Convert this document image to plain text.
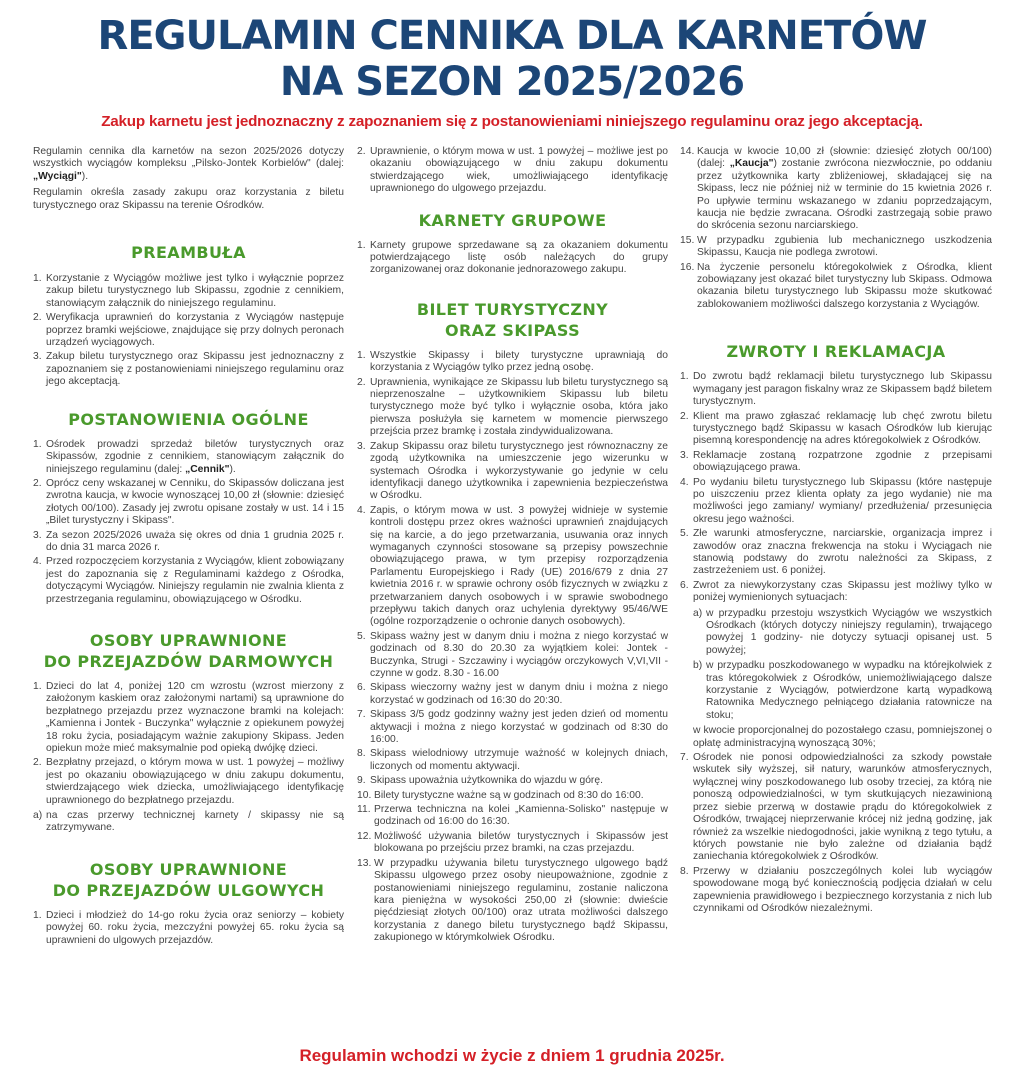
REGULAMIN CENNIKA DLA KARNETÓW
NA SEZON 2025/2026
Zakup karnetu jest jednoznaczny z zapoznaniem się z postanowieniami niniejszego regulaminu oraz jego akceptacją.

Regulamin cennika dla karnetów na sezon 2025/2026 dotyczy wszystkich wyciągów kompleksu „Pilsko-Jontek Korbielów" (dalej: „Wyciągi").

Regulamin określa zasady zakupu oraz korzystania z biletu turystycznego oraz Skipassu na terenie Ośrodków.

PREAMBUŁA
1. Korzystanie z Wyciągów możliwe jest tylko i wyłącznie poprzez zakup biletu turystycznego lub Skipassu, zgodnie z cennikiem, stanowiącym załącznik do niniejszego regulaminu.
2. Weryfikacja uprawnień do korzystania z Wyciągów następuje poprzez bramki wejściowe, znajdujące się przy dolnych peronach urządzeń wyciągowych.
3. Zakup biletu turystycznego oraz Skipassu jest jednoznaczny z zapoznaniem się z postanowieniami niniejszego regulaminu oraz jego akceptacją.
POSTANOWIENIA OGÓLNE
1. Ośrodek prowadzi sprzedaż biletów turystycznych oraz Skipassów, zgodnie z cennikiem, stanowiącym załącznik do niniejszego regulaminu (dalej: „Cennik").
2. Oprócz ceny wskazanej w Cenniku, do Skipassów doliczana jest zwrotna kaucja, w kwocie wynoszącej 10,00 zł (słownie: dziesięć złotych 00/100). Zasady jej zwrotu opisane zostały w ust. 14 i 15 „Bilet turystyczny i Skipass".
3. Za sezon 2025/2026 uważa się okres od dnia 1 grudnia 2025 r. do dnia 31 marca 2026 r.
4. Przed rozpoczęciem korzystania z Wyciągów, klient zobowiązany jest do zapoznania się z Regulaminami każdego z Ośrodka, dotyczącymi Wyciągów. Niniejszy regulamin nie zwalnia klienta z przestrzegania regulaminu, obowiązującego w Ośrodku.
OSOBY UPRAWNIONE
DO PRZEJAZDÓW DARMOWYCH
1. Dzieci do lat 4, poniżej 120 cm wzrostu (wzrost mierzony z założonym kaskiem oraz założonymi nartami) są uprawnione do bezpłatnego przejazdu przez wyznaczone bramki na kolejach: „Kamienna i Jontek - Buczynka" wyłącznie z opiekunem powyżej 18 roku życia, posiadającym ważnie zakupiony Skipass. Jeden opiekun może mieć maksymalnie pod opieką dwójkę dzieci.
2. Bezpłatny przejazd, o którym mowa w ust. 1 powyżej – możliwy jest po okazaniu obowiązującego w dniu zakupu dokumentu, stwierdzającego wiek dziecka, umożliwiającego identyfikację uprawnionego do bezpłatnego przejazdu.
a) na czas przerwy technicznej karnety / skipassy nie są zatrzymywane.
OSOBY UPRAWNIONE
DO PRZEJAZDÓW ULGOWYCH
1. Dzieci i młodzież do 14-go roku życia oraz seniorzy – kobiety powyżej 60. roku życia, mezczyźni powyżej 65. roku życia są uprawnieni do ulgowych przejazdów.
2. Uprawnienie, o którym mowa w ust. 1 powyżej – możliwe jest po okazaniu obowiązującego w dniu zakupu dokumentu stwierdzającego wiek, umożliwiającego identyfikację uprawnionego do ulgowego przejazdu.
KARNETY GRUPOWE
1. Karnety grupowe sprzedawane są za okazaniem dokumentu potwierdzającego listę osób należących do grupy zorganizowanej oraz dokonanie jednorazowego zakupu.
BILET TURYSTYCZNY
ORAZ SKIPASS
1. Wszystkie Skipassy i bilety turystyczne uprawniają do korzystania z Wyciągów tylko przez jedną osobę.
2. Uprawnienia, wynikające ze Skipassu lub biletu turystycznego są nieprzenoszalne – użytkownikiem Skipassu lub biletu turystycznego może być tylko i wyłącznie osoba, która jako pierwsza posłużyła się karnetem w momencie pierwszego przejścia przez bramkę i została zindywidualizowana.
3. Zakup Skipassu oraz biletu turystycznego jest równoznaczny ze zgodą użytkownika na umieszczenie jego wizerunku w systemach Ośrodka i wykorzystywanie go jedynie w celu identyfikacji danego użytkownika i zapewnienia bezpieczeństwa w Ośrodku.
4. Zapis, o którym mowa w ust. 3 powyżej widnieje w systemie kontroli dostępu przez okres ważności uprawnień znajdujących się na karcie, a do jego przetwarzania, usuwania oraz innych wymaganych czynności stosowane są przepisy powszechnie obowiązującego prawa, w tym przepisy rozporządzenia Parlamentu Europejskiego i Rady (UE) 2016/679 z dnia 27 kwietnia 2016 r. w sprawie ochrony osób fizycznych w związku z przetwarzaniem danych osobowych i w sprawie swobodnego przepływu takich danych oraz uchylenia dyrektywy 95/46/WE (ogólne rozporządzenie o ochronie danych osobowych).
5. Skipass ważny jest w danym dniu i można z niego korzystać w godzinach od 8.30 do 20.30 za wyjątkiem kolei: Jontek - Buczynka, Strugi - Szczawiny i wyciągów orczykowych V,VI,VII - czynne w godz. 8.30 - 16.00
6. Skipass wieczorny ważny jest w danym dniu i można z niego korzystać w godzinach od 16:30 do 20:30.
7. Skipass 3/5 godz godzinny ważny jest jeden dzień od momentu aktywacji i można z niego korzystać w godzinach od 8:30 do 16:00.
8. Skipass wielodniowy utrzymuje ważność w kolejnych dniach, liczonych od momentu aktywacji.
9. Skipass upoważnia użytkownika do wjazdu w górę.
10. Bilety turystyczne ważne są w godzinach od 8:30 do 16:00.
11. Przerwa techniczna na kolei „Kamienna-Solisko" następuje w godzinach od 16:00 do 16:30.
12. Możliwość używania biletów turystycznych i Skipassów jest blokowana po przejściu przez bramki, na czas przejazdu.
13. W przypadku używania biletu turystycznego ulgowego bądź Skipassu ulgowego przez osoby nieupoważnione, zgodnie z postanowieniami niniejszego regulaminu, zostanie naliczona kara pieniężna w wysokości 250,00 zł (słownie: dwieście pięćdziesiąt złotych 00/100) oraz utrata możliwości dalszego korzystania z danego biletu turystycznego bądź Skipassu, zakupionego w którymkolwiek Ośrodku.
14. Kaucja w kwocie 10,00 zł (słownie: dziesięć złotych 00/100) (dalej: „Kaucja") zostanie zwrócona niezwłocznie, po oddaniu przez użytkownika karty zbliżeniowej, składającej się na Skipass, lecz nie później niż w terminie do 15 kwietnia 2026 r. Po upływie terminu wskazanego w zdaniu poprzedzającym, kaucja nie będzie zwracana. Ośrodki zastrzegają sobie prawo do skrócenia sezonu narciarskiego.
15. W przypadku zgubienia lub mechanicznego uszkodzenia Skipassu, Kaucja nie podlega zwrotowi.
16. Na życzenie personelu któregokolwiek z Ośrodka, klient zobowiązany jest okazać bilet turystyczny lub Skipass. Odmowa okazania biletu turystycznego lub Skipassu może skutkować zablokowaniem możliwości dalszego korzystania z Wyciągów.
ZWROTY I REKLAMACJA
1. Do zwrotu bądź reklamacji biletu turystycznego lub Skipassu wymagany jest paragon fiskalny wraz ze Skipassem bądź biletem turystycznym.
2. Klient ma prawo zgłaszać reklamację lub chęć zwrotu biletu turystycznego bądź Skipassu w kasach Ośrodków lub kierując pisemną korespondencję na adres któregokolwiek z Ośrodków.
3. Reklamacje zostaną rozpatrzone zgodnie z przepisami obowiązującego prawa.
4. Po wydaniu biletu turystycznego lub Skipassu (które następuje po uiszczeniu przez klienta opłaty za jego wydanie) nie ma możliwości jego zamiany/ wymiany/ przedłużenia/ przesunięcia okresu jego ważności.
5. Złe warunki atmosferyczne, narciarskie, organizacja imprez i zawodów oraz znaczna frekwencja na stoku i Wyciągach nie stanowią podstawy do zwrotu należności za Skipass, z zastrzeżeniem ust. 6 poniżej.
6. Zwrot za niewykorzystany czas Skipassu jest możliwy tylko w poniżej wymienionych sytuacjach:
a) w przypadku przestoju wszystkich Wyciągów we wszystkich Ośrodkach (których dotyczy niniejszy regulamin), trwającego powyżej 1 godziny- nie dotyczy sytuacji opisanej ust. 5 powyżej;
b) w przypadku poszkodowanego w wypadku na którejkolwiek z tras któregokolwiek z Ośrodków, uniemożliwiającego dalsze korzystanie z Wyciągów, potwierdzone kartą wypadkową Ratownika Medycznego pełniącego działania ratownicze na stoku;
w kwocie proporcjonalnej do pozostałego czasu, pomniejszonej o opłatę administracyjną wynoszącą 30%;
7. Ośrodek nie ponosi odpowiedzialności za szkody powstałe wskutek siły wyższej, sił natury, warunków atmosferycznych, wyłącznej winy poszkodowanego lub osoby trzeciej, za którą nie ponoszą odpowiedzialności, w tym skutkujących niezawinioną przez siebie przerwą w dostawie prądu do któregokolwiek z Ośrodków, trwającej nieprzerwanie krócej niż jedną godzinę, jak również za wszelkie niedogodności, jakie wynikną z tego tytułu, a których powstanie nie było zależne od działania bądź zaniechania któregokolwiek z Ośrodków.
8. Przerwy w działaniu poszczególnych kolei lub wyciągów spowodowane mogą być koniecznością podjęcia działań w celu zapewnienia prawidłowego i bezpiecznego korzystania z nich lub czynnikami od Ośrodków niezależnymi.
Regulamin wchodzi w życie z dniem 1 grudnia 2025r.
